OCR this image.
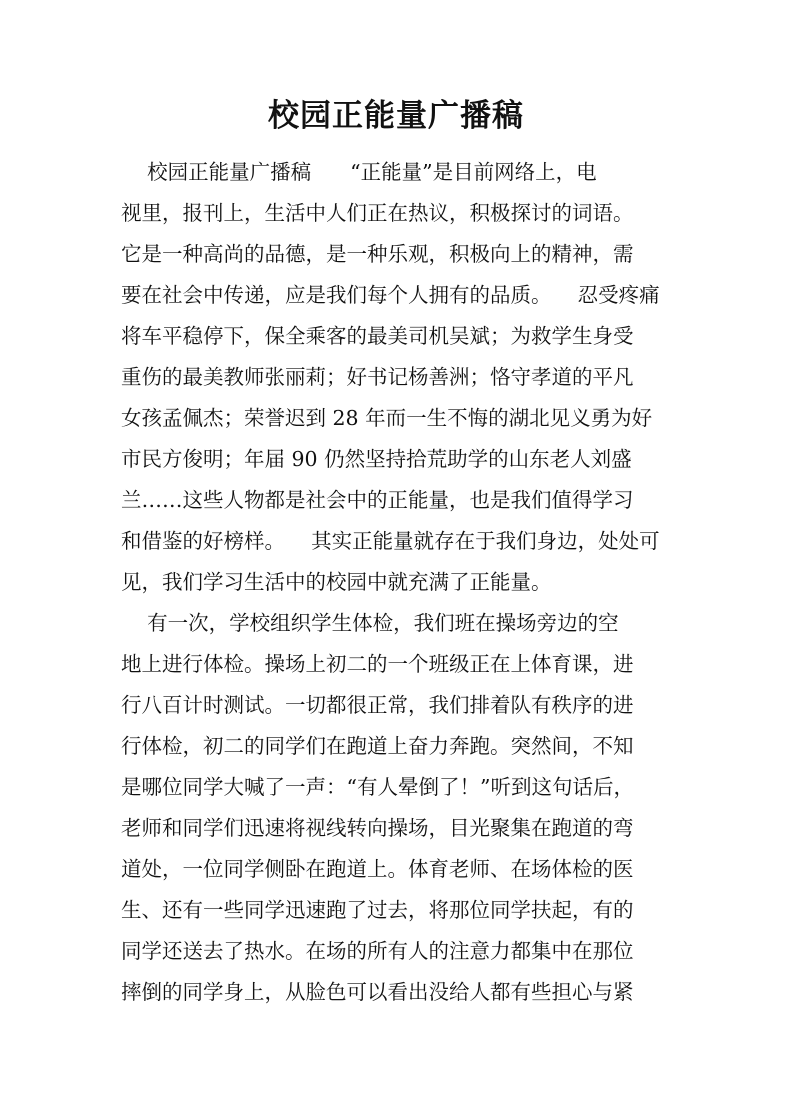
校园正能量广播稿
校园正能量广播稿      “正能量”是目前网络上，电
视里，报刊上，生活中人们正在热议，积极探讨的词语。
它是一种高尚的品德，是一种乐观，积极向上的精神，需
要在社会中传递，应是我们每个人拥有的品质。    忍受疼痛
将车平稳停下，保全乘客的最美司机吴斌；为救学生身受
重伤的最美教师张丽莉；好书记杨善洲；恪守孝道的平凡
女孩孟佩杰；荣誉迟到 28 年而一生不悔的湖北见义勇为好
市民方俊明；年届 90 仍然坚持拾荒助学的山东老人刘盛
兰……这些人物都是社会中的正能量，也是我们值得学习
和借鉴的好榜样。    其实正能量就存在于我们身边，处处可
见，我们学习生活中的校园中就充满了正能量。
有一次，学校组织学生体检，我们班在操场旁边的空
地上进行体检。操场上初二的一个班级正在上体育课，进
行八百计时测试。一切都很正常，我们排着队有秩序的进
行体检，初二的同学们在跑道上奋力奔跑。突然间，不知
是哪位同学大喊了一声：“有人晕倒了！”听到这句话后，
老师和同学们迅速将视线转向操场，目光聚集在跑道的弯
道处，一位同学侧卧在跑道上。体育老师、在场体检的医
生、还有一些同学迅速跑了过去，将那位同学扶起，有的
同学还送去了热水。在场的所有人的注意力都集中在那位
摔倒的同学身上，从脸色可以看出没给人都有些担心与紧
